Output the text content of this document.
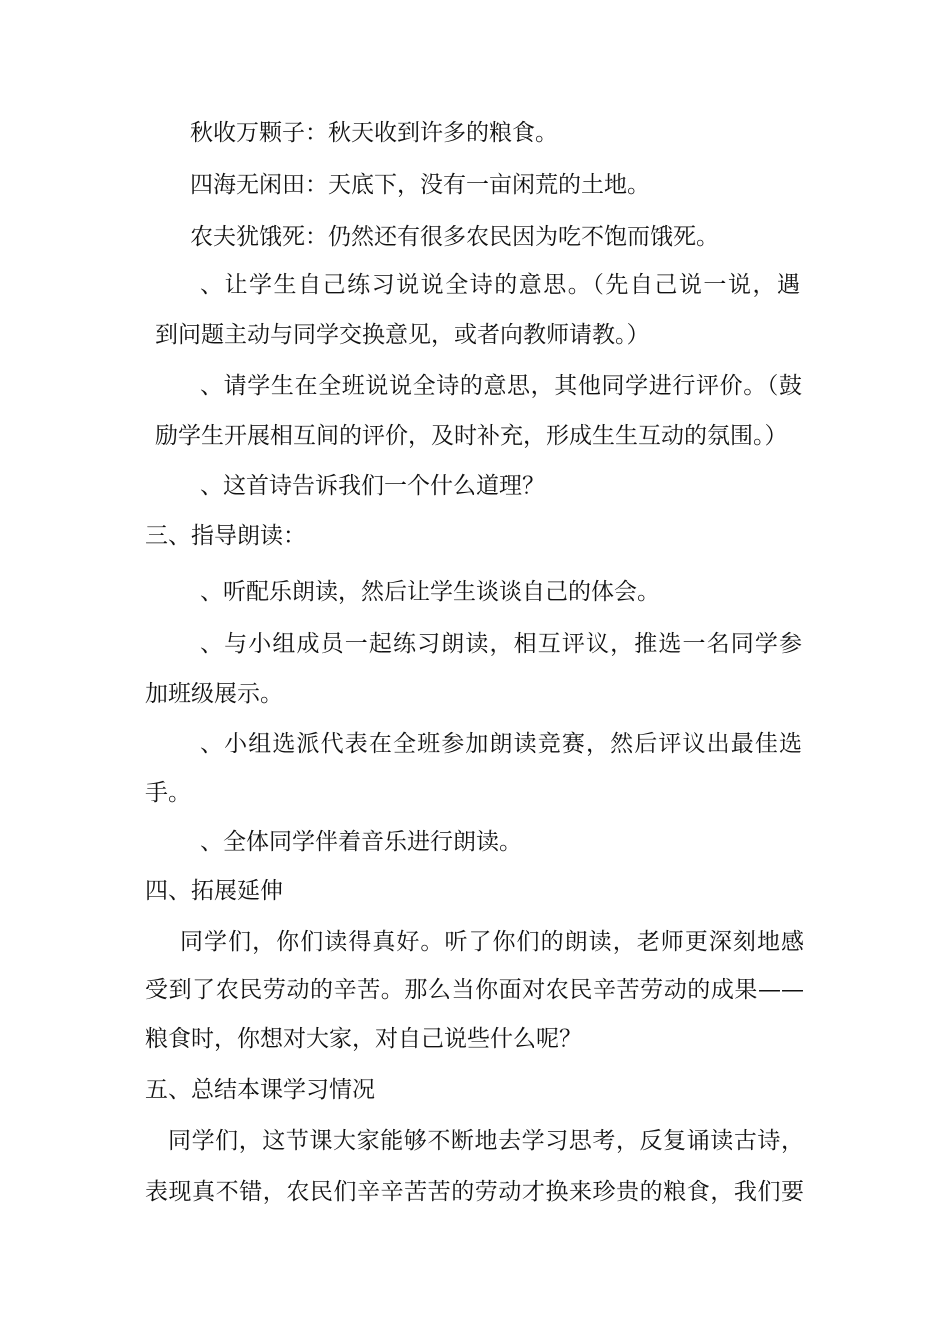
秋收万颗子：秋天收到许多的粮食。
四海无闲田：天底下，没有一亩闲荒的土地。
农夫犹饿死：仍然还有很多农民因为吃不饱而饿死。
、让学生自己练习说说全诗的意思。（先自己说一说，遇
到问题主动与同学交换意见，或者向教师请教。）
、请学生在全班说说全诗的意思，其他同学进行评价。（鼓
励学生开展相互间的评价，及时补充，形成生生互动的氛围。）
、这首诗告诉我们一个什么道理？
三、指导朗读：
、听配乐朗读，然后让学生谈谈自己的体会。
、与小组成员一起练习朗读，相互评议，推选一名同学参
加班级展示。
、小组选派代表在全班参加朗读竞赛，然后评议出最佳选
手。
、全体同学伴着音乐进行朗读。
四、拓展延伸
同学们，你们读得真好。听了你们的朗读，老师更深刻地感
受到了农民劳动的辛苦。那么当你面对农民辛苦劳动的成果——
粮食时，你想对大家，对自己说些什么呢？
五、总结本课学习情况
同学们，这节课大家能够不断地去学习思考，反复诵读古诗，
表现真不错，农民们辛辛苦苦的劳动才换来珍贵的粮食，我们要
